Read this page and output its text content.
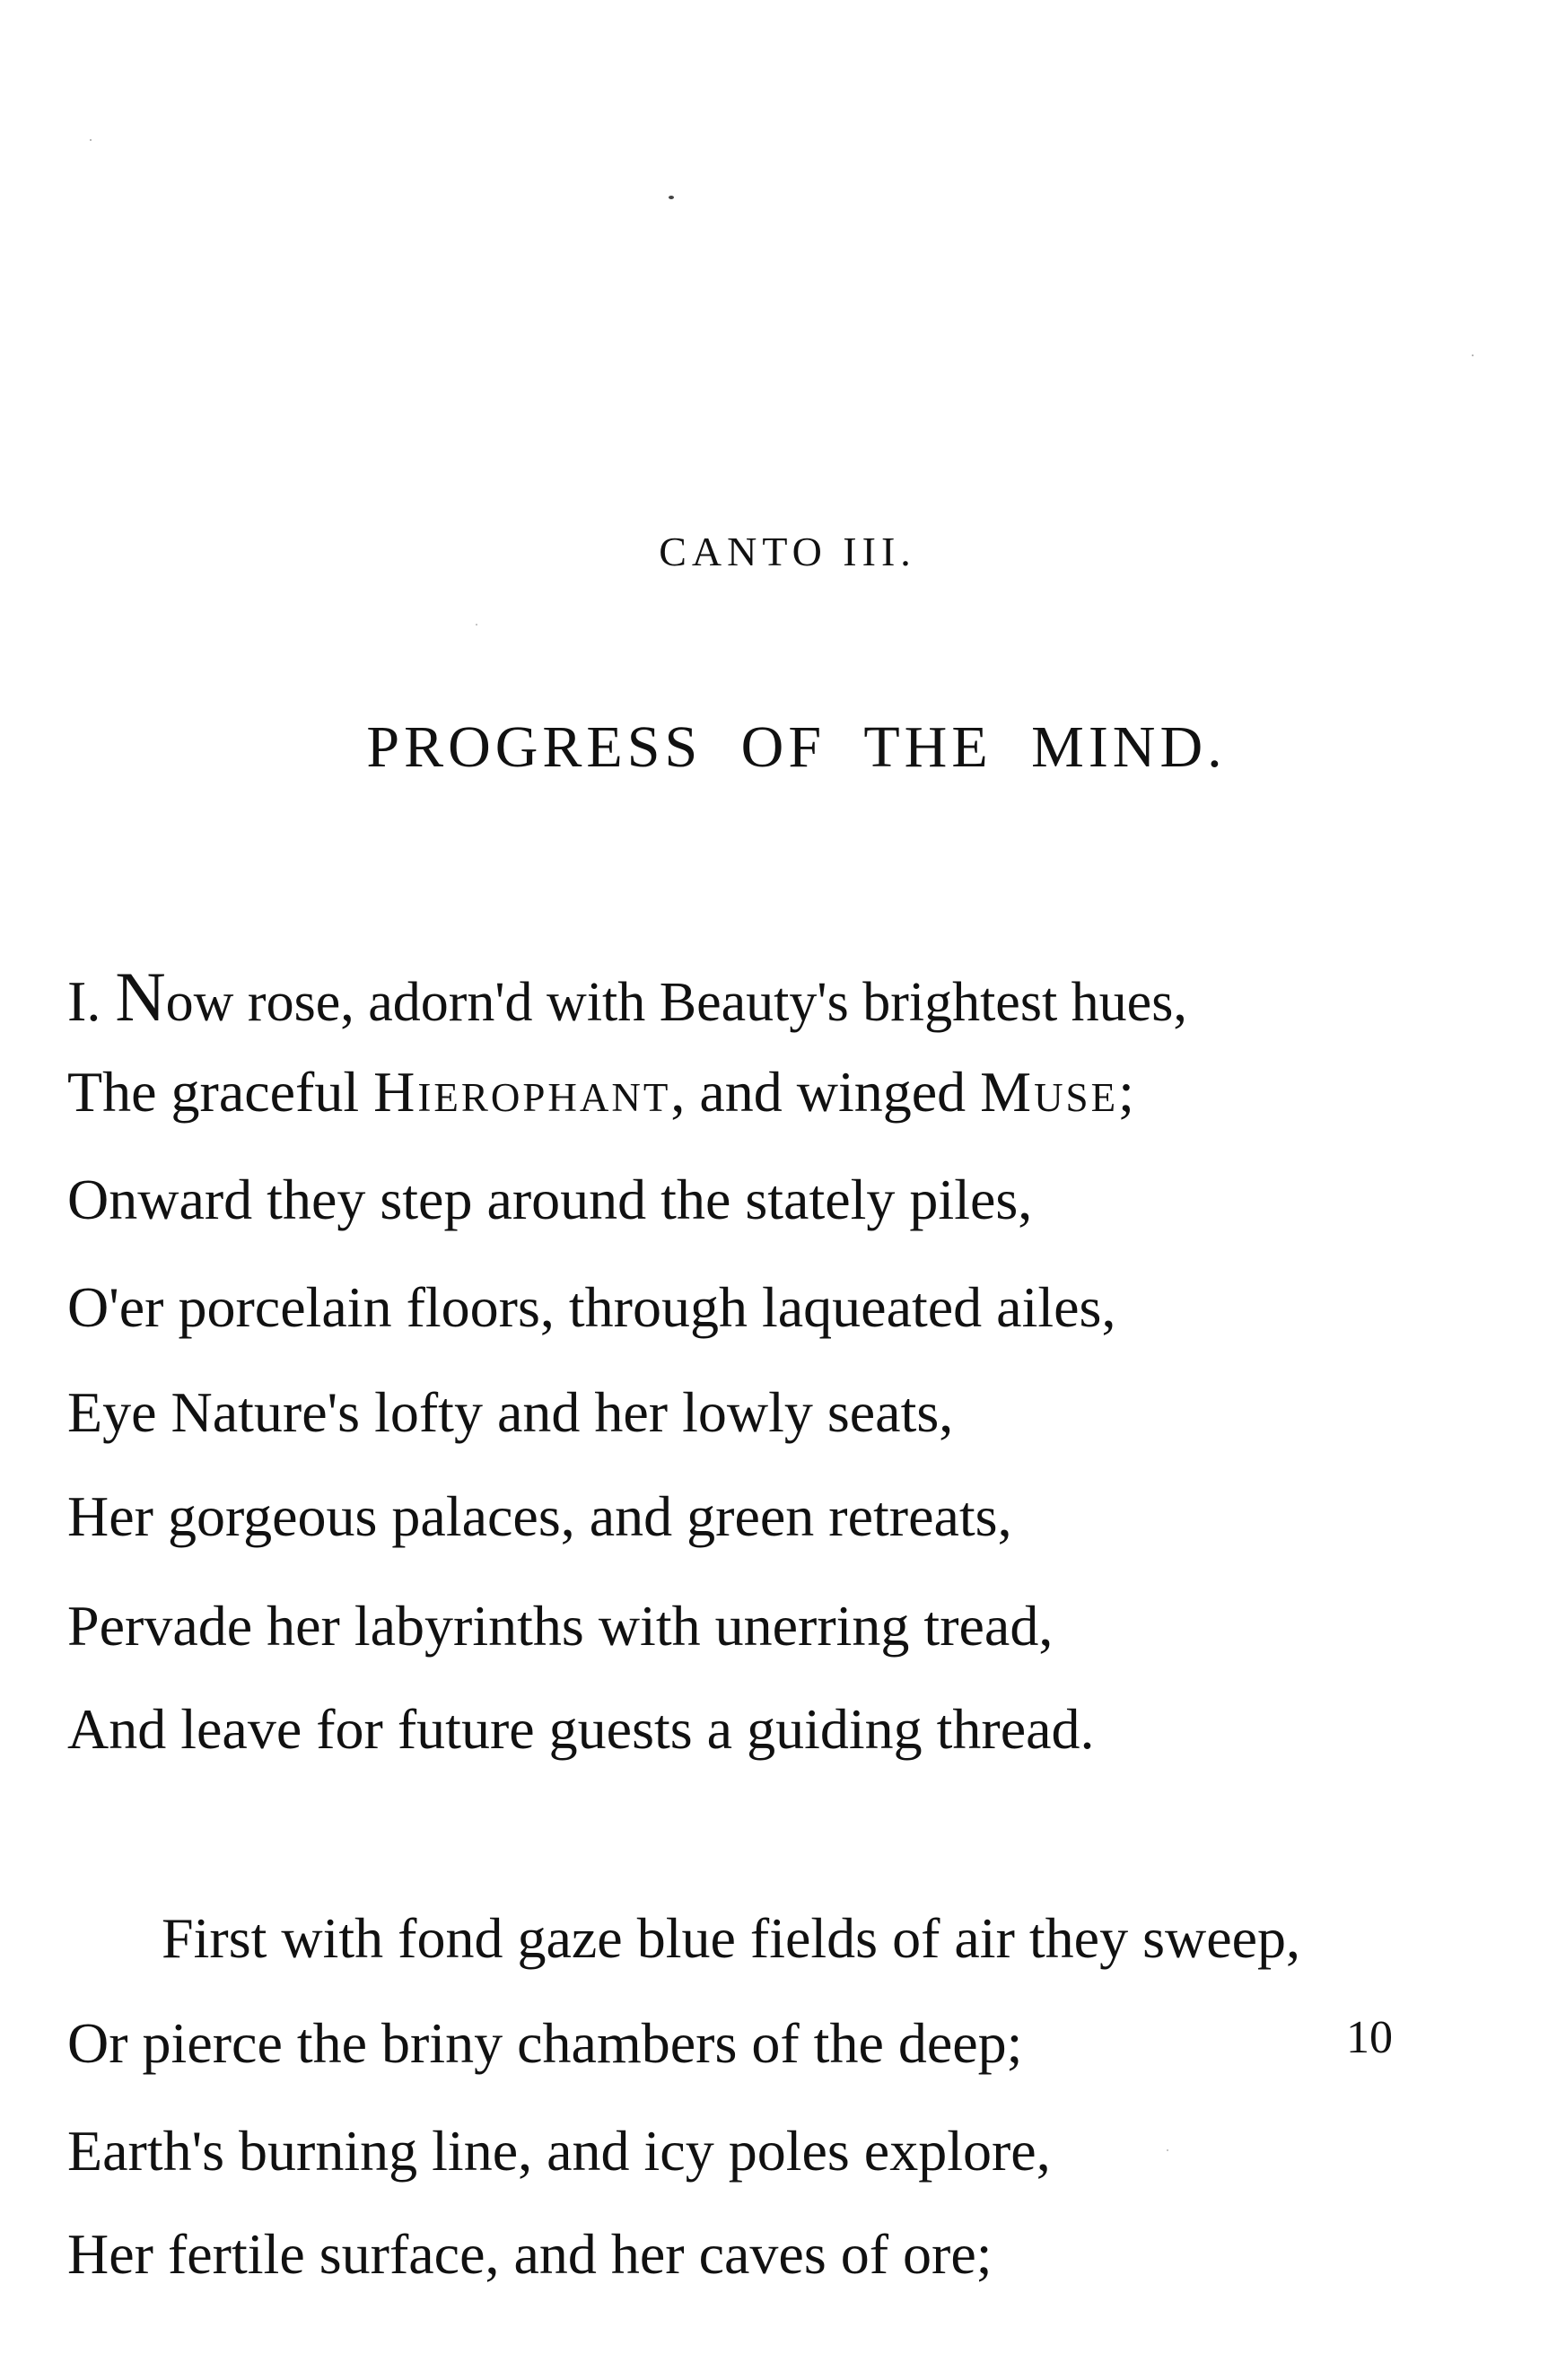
CANTO III.
PROGRESS OF THE MIND.
I. Now rose, adorn'd with Beauty's brightest hues,
The graceful Hierophant, and winged Muse;
Onward they step around the stately piles,
O'er porcelain floors, through laqueated ailes,
Eye Nature's lofty and her lowly seats,
Her gorgeous palaces, and green retreats,
Pervade her labyrinths with unerring tread,
And leave for future guests a guiding thread.
First with fond gaze blue fields of air they sweep,
Or pierce the briny chambers of the deep;	10
Earth's burning line, and icy poles explore,
Her fertile surface, and her caves of ore;
